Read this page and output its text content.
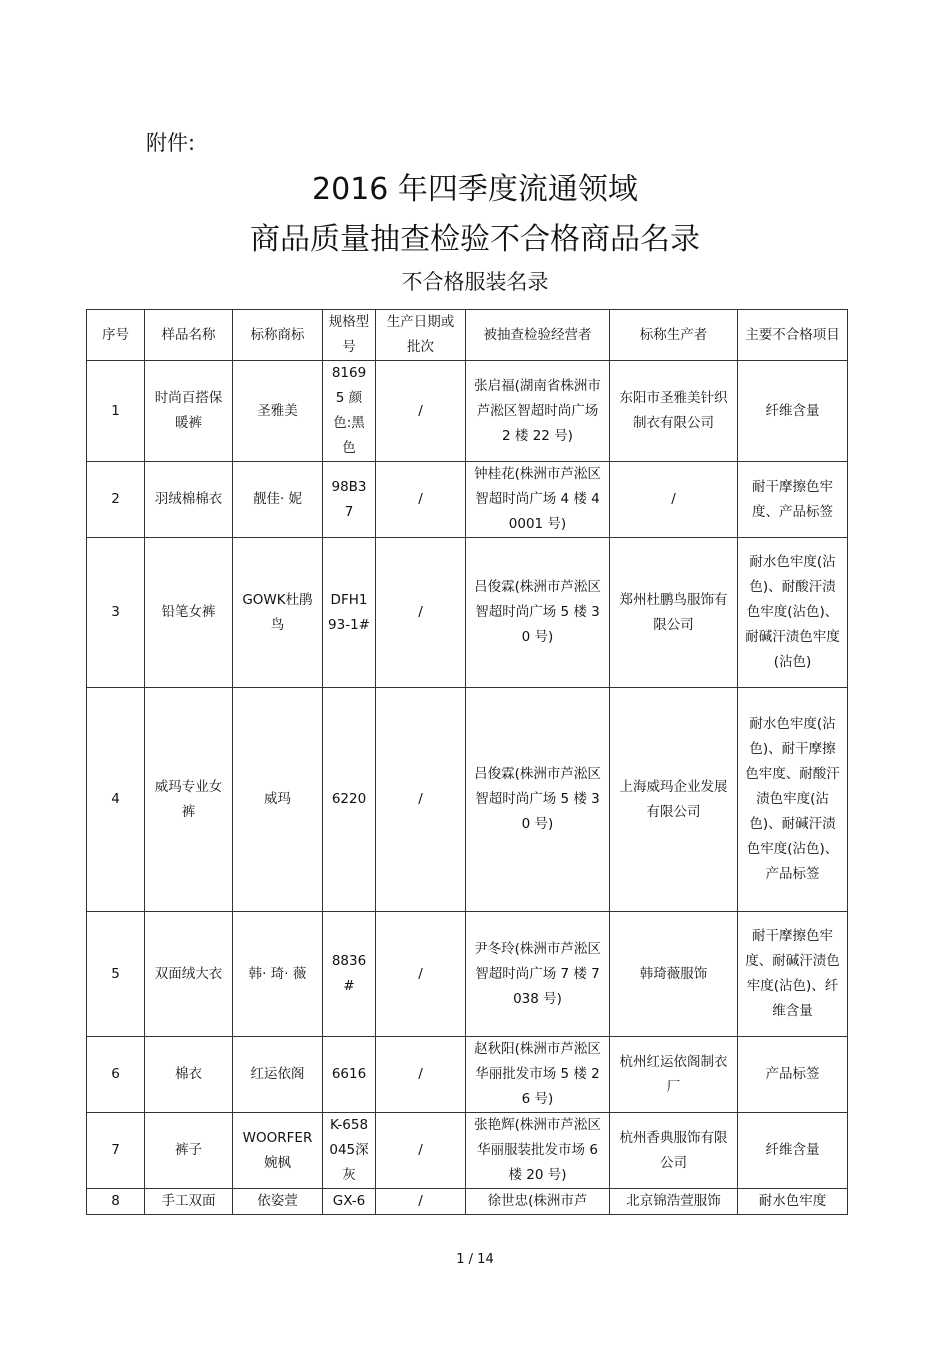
附件:
2016 年四季度流通领域
商品质量抽查检验不合格商品名录
不合格服装名录
序号	样品名称	标称商标	规格型号	生产日期或批次	被抽查检验经营者	标称生产者	主要不合格项目
1	时尚百搭保暖裤	圣雅美	81695 颜色:黑色	/	张启福(湖南省株洲市芦淞区智超时尚广场 2 楼 22 号)	东阳市圣雅美针织制衣有限公司	纤维含量
2	羽绒棉棉衣	靓佳· 妮	98B37	/	钟桂花(株洲市芦淞区智超时尚广场 4 楼 40001 号)	/	耐干摩擦色牢度、产品标签
3	铅笔女裤	GOWK杜鹃鸟	DFH193-1#	/	吕俊霖(株洲市芦淞区智超时尚广场 5 楼 30 号)	郑州杜鹏鸟服饰有限公司	耐水色牢度(沾色)、耐酸汗渍色牢度(沾色)、耐碱汗渍色牢度(沾色)
4	威玛专业女裤	威玛	6220	/	吕俊霖(株洲市芦淞区智超时尚广场 5 楼 30 号)	上海威玛企业发展有限公司	耐水色牢度(沾色)、耐干摩擦色牢度、耐酸汗渍色牢度(沾色)、耐碱汗渍色牢度(沾色)、产品标签
5	双面绒大衣	韩· 琦· 薇	8836#	/	尹冬玲(株洲市芦淞区智超时尚广场 7 楼 7038 号)	韩琦薇服饰	耐干摩擦色牢度、耐碱汗渍色牢度(沾色)、纤维含量
6	棉衣	红运依阁	6616	/	赵秋阳(株洲市芦淞区华丽批发市场 5 楼 26 号)	杭州红运依阁制衣厂	产品标签
7	裤子	WOORFER婉枫	K-658045深灰	/	张艳辉(株洲市芦淞区华丽服装批发市场 6 楼 20 号)	杭州香典服饰有限公司	纤维含量
8	手工双面	依姿萱	GX-6	/	徐世忠(株洲市芦	北京锦浩萱服饰	耐水色牢度
1 / 14
